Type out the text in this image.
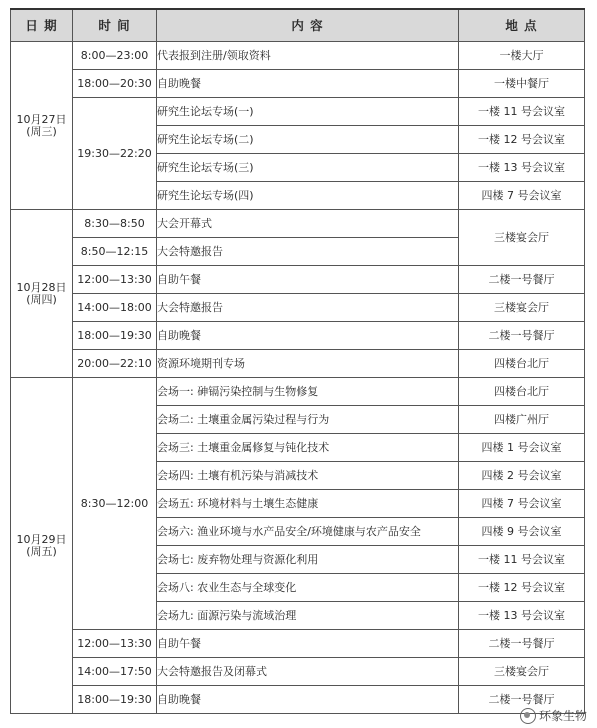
日 期	时 间	内 容	地 点
10月27日
(周三)	8:00—23:00	代表报到注册/领取资料	一楼大厅
	18:00—20:30	自助晚餐	一楼中餐厅
	19:30—22:20	研究生论坛专场(一)	一楼 11 号会议室
		研究生论坛专场(二)	一楼 12 号会议室
		研究生论坛专场(三)	一楼 13 号会议室
		研究生论坛专场(四)	四楼 7 号会议室
10月28日
(周四)	8:30—8:50	大会开幕式	三楼宴会厅
	8:50—12:15	大会特邀报告	
	12:00—13:30	自助午餐	二楼一号餐厅
	14:00—18:00	大会特邀报告	三楼宴会厅
	18:00—19:30	自助晚餐	二楼一号餐厅
	20:00—22:10	资源环境期刊专场	四楼台北厅
10月29日
(周五)	8:30—12:00	会场一: 砷镉污染控制与生物修复	四楼台北厅
		会场二: 土壤重金属污染过程与行为	四楼广州厅
		会场三: 土壤重金属修复与钝化技术	四楼 1 号会议室
		会场四: 土壤有机污染与消减技术	四楼 2 号会议室
		会场五: 环境材料与土壤生态健康	四楼 7 号会议室
		会场六: 渔业环境与水产品安全/环境健康与农产品安全	四楼 9 号会议室
		会场七: 废弃物处理与资源化利用	一楼 11 号会议室
		会场八: 农业生态与全球变化	一楼 12 号会议室
		会场九: 面源污染与流域治理	一楼 13 号会议室
	12:00—13:30	自助午餐	二楼一号餐厅
	14:00—17:50	大会特邀报告及闭幕式	三楼宴会厅
	18:00—19:30	自助晚餐	二楼一号餐厅
环象生物
